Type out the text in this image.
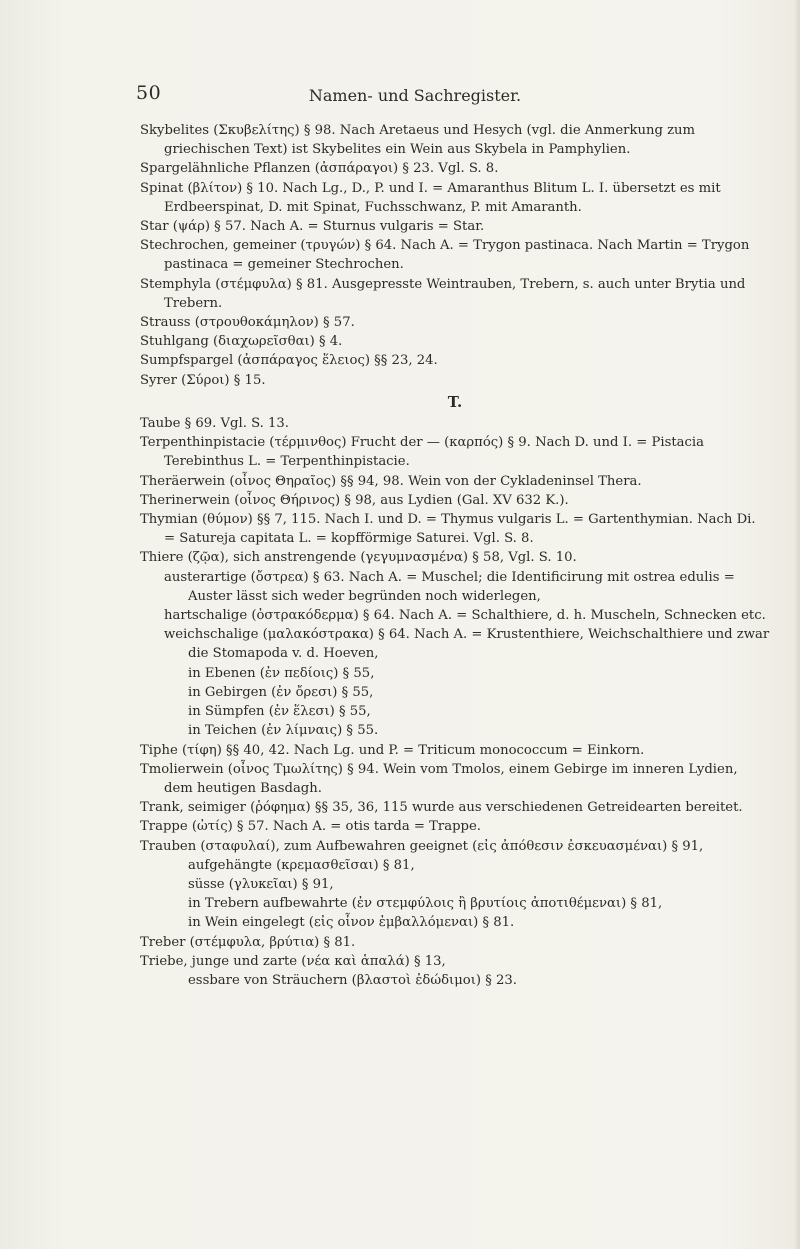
50	Namen- und Sachregister.

Skybelites (Σκυβελίτης) § 98. Nach Aretaeus und Hesych (vgl. die Anmerkung zum griechischen Text) ist Skybelites ein Wein aus Skybela in Pamphylien.

Spargelähnliche Pflanzen (ἀσπάραγοι) § 23. Vgl. S. 8.

Spinat (βλίτον) § 10. Nach Lg., D., P. und I. = Amaranthus Blitum L. I. übersetzt es mit Erdbeerspinat, D. mit Spinat, Fuchsschwanz, P. mit Amaranth.

Star (ψάρ) § 57. Nach A. = Sturnus vulgaris = Star.

Stechrochen, gemeiner (τρυγών) § 64. Nach A. = Trygon pastinaca. Nach Martin = Trygon pastinaca = gemeiner Stechrochen.

Stemphyla (στέμφυλα) § 81. Ausgepresste Weintrauben, Trebern, s. auch unter Brytia und Trebern.

Strauss (στρουθοκάμηλον) § 57.

Stuhlgang (διαχωρεῖσθαι) § 4.

Sumpfspargel (ἀσπάραγος ἕλειος) §§ 23, 24.

Syrer (Σύροι) § 15.

T.

Taube § 69. Vgl. S. 13.

Terpenthinpistacie (τέρμινθος) Frucht der — (καρπός) § 9. Nach D. und I. = Pistacia Terebinthus L. = Terpenthinpistacie.

Theräerwein (οἶνος Θηραῖος) §§ 94, 98. Wein von der Cykladeninsel Thera.

Therinerwein (οἶνος Θήρινος) § 98, aus Lydien (Gal. XV 632 K.).

Thymian (θύμον) §§ 7, 115. Nach I. und D. = Thymus vulgaris L. = Gartenthymian. Nach Di. = Satureja capitata L. = kopfförmige Saturei. Vgl. S. 8.

Thiere (ζῷα), sich anstrengende (γεγυμνασμένα) § 58, Vgl. S. 10.

austerartige (ὄστρεα) § 63. Nach A. = Muschel; die Identificirung mit ostrea edulis = Auster lässt sich weder begründen noch widerlegen,

hartschalige (ὀστρακόδερμα) § 64. Nach A. = Schalthiere, d. h. Muscheln, Schnecken etc.

weichschalige (μαλακόστρακα) § 64. Nach A. = Krustenthiere, Weichschalthiere und zwar die Stomapoda v. d. Hoeven,

in Ebenen (ἐν πεδίοις) § 55,

in Gebirgen (ἐν ὄρεσι) § 55,

in Sümpfen (ἐν ἕλεσι) § 55,

in Teichen (ἐν λίμναις) § 55.

Tiphe (τίφη) §§ 40, 42. Nach Lg. und P. = Triticum monococcum = Einkorn.

Tmolierwein (οἶνος Τμωλίτης) § 94. Wein vom Tmolos, einem Gebirge im inneren Lydien, dem heutigen Basdagh.

Trank, seimiger (ῥόφημα) §§ 35, 36, 115 wurde aus verschiedenen Getreidearten bereitet.

Trappe (ὠτίς) § 57. Nach A. = otis tarda = Trappe.

Trauben (σταφυλαί), zum Aufbewahren geeignet (εἰς ἀπόθεσιν ἐσκευασμέναι) § 91,

aufgehängte (κρεμασθεῖσαι) § 81,

süsse (γλυκεῖαι) § 91,

in Trebern aufbewahrte (ἐν στεμφύλοις ἢ βρυτίοις ἀποτιθέμεναι) § 81,

in Wein eingelegt (εἰς οἶνον ἐμβαλλόμεναι) § 81.

Treber (στέμφυλα, βρύτια) § 81.

Triebe, junge und zarte (νέα καὶ ἁπαλά) § 13,

essbare von Sträuchern (βλαστοὶ ἐδώδιμοι) § 23.
